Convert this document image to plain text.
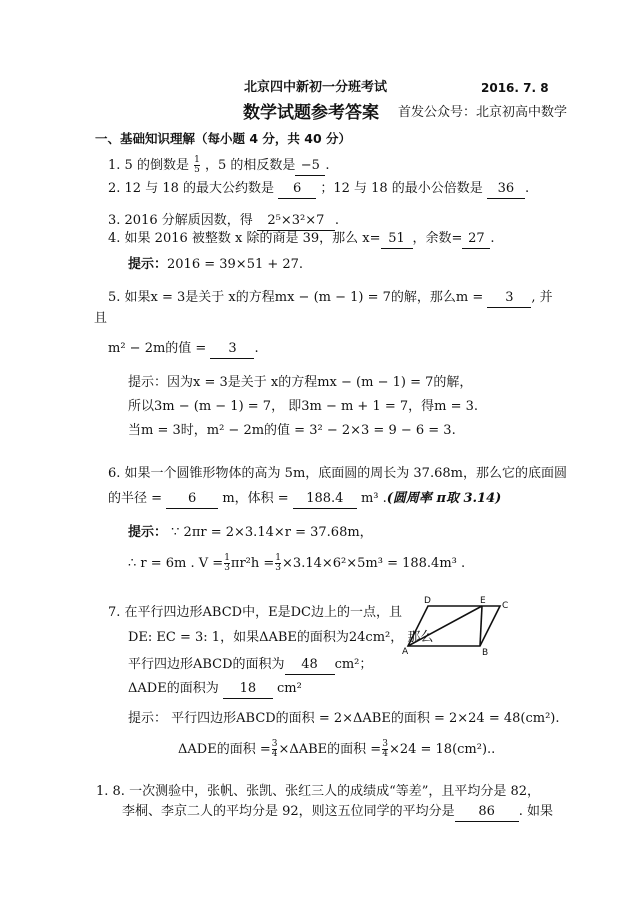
北京四中新初一分班考试	2016. 7. 8
数学试题参考答案 首发公众号：北京初高中数学
一、基础知识理解（每小题 4 分，共 40 分）
1. 5 的倒数是 $\frac{1}{5}$ ，5 的相反数是 −5 .
2. 12 与 18 的最大公约数是 6 ；12 与 18 的最小公倍数是 36 .
3. 2016 分解质因数，得 2⁵×3²×7 .
4. 如果 2016 被整数 x 除的商是 39，那么 x= 51 ，余数= 27 .
提示：2016 = 39×51 + 27.
5. 如果x = 3是关于 x的方程mx − (m − 1) = 7的解，那么m = 3 , 并
且
m² − 2m的值 = 3 .
提示：因为x = 3是关于 x的方程mx − (m − 1) = 7的解，
所以3m − (m − 1) = 7， 即3m − m + 1 = 7，得m = 3.
当m = 3时，m² − 2m的值 = 3² − 2×3 = 9 − 6 = 3.
6. 如果一个圆锥形物体的高为 5m，底面圆的周长为 37.68m，那么它的底面圆
的半径 = 6 m，体积 = 188.4 m³ .(圆周率 π取 3.14)
提示： ∵ 2πr = 2×3.14×r = 37.68m，
∴ r = 6m . $V = \frac{1}{3} \pi r^2h = \frac{1}{3} \times 3.14\times 6^2\times 5m^3 = 188.4m^3$ .
7. 在平行四边形ABCD中，E是DC边上的一点，且
DE: EC = 3: 1，如果ΔABE的面积为24cm²， 那么
平行四边形ABCD的面积为 48 cm²；
ΔADE的面积为 18 cm²
D	E C
A	B
提示： 平行四边形ABCD的面积 = 2×ΔABE的面积 = 2×24 = 48(cm²).
ΔADE的面积 = $\frac{3}{4} \times\Delta ABE$的面积 = $\frac{3}{4} \times 24 = 18(cm^2)$..
1. 8. 一次测验中，张帆、张凯、张红三人的成绩成“等差”，且平均分是 82，
李桐、李京二人的平均分是 92，则这五位同学的平均分是 86 . 如果
